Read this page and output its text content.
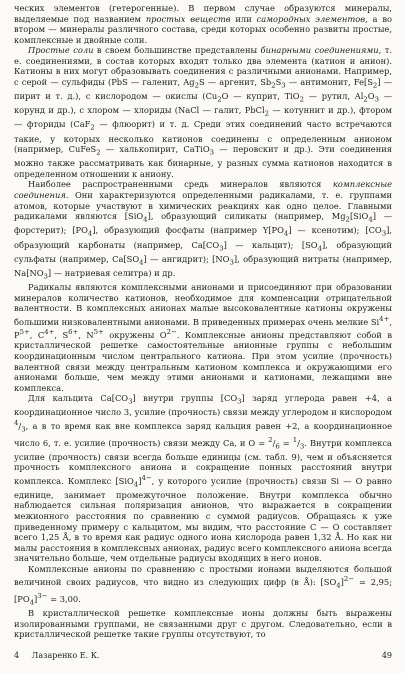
ческих элементов (гетерогенные). В первом случае образуются минералы, выделяемые под названием простых веществ или самородных элементов, а во втором — минералы различного состава, среди которых особенно развиты простые, комплексные и двойные соли.

Простые соли в своем большинстве представлены бинарными соединениями, т. е. соединениями, в состав которых входят только два элемента (катион и анион). Катионы в них могут образовывать соединения с различными анионами. Например, с серой — сульфиды (PbS — галенит, $Ag_2S$ — аргенит, $Sb_2S_3$ — антимонит, $Fe[S_2]$ — пирит и т. д.), с кислородом — окислы ($Cu_2O$ — куприт, TiO$_2$ — рутил, $Al_2O_3$ — корунд и др.), с хлором — хлориды (NaCl — галит, PbCl$_2$ — котуннит и др.), фтором — фториды (CaF$_2$ — флюорит) и т. д. Среди этих соединений часто встречаются такие, у которых несколько катионов соединены с определенным анионом (например, CuFeS$_2$ — халькопирит, CaTiO$_3$ — перовскит и др.). Эти соединения можно также рассматривать как бинарные, у разных сумма катионов находится в определенном отношении к аниону.

Наиболее распространенными средь минералов являются комплексные соединения. Они характеризуются определенными радикалами, т. е. группами атомов, которые участвуют в химических реакциях как одно целое. Главными радикалами являются [SiO$_4$], образующий силикаты (например, $Mg_2[SiO_4]$ — форстерит); $[PO_4]$, образующий фосфаты (например $Y[PO_4]$ — ксенотим); $[CO_3]$, образующий карбонаты (например, $Ca[CO_3]$ — кальцит); $[SO_4]$, образующий сульфаты (например, $Ca[SO_4]$ — ангидрит); $[NO_3]$, образующий нитраты (например, $Na[NO_3]$ — натриевая селитра) и др.

Радикалы являются комплексными анионами и присоединяют при образовании минералов количество катионов, необходимое для компенсации отрицательной валентности. В комплексных анионах малые высоковалентные катионы окружены большими низковалентными анионами. В приведенных примерах очень мелкие $Si^{4+}$, $P^{5+}$, $C^{4+}$, $S^{6+}$, $N^{5+}$ окружены $O^{2-}$. Комплексные анионы представляют собой в кристаллической решетке самостоятельные анионные группы с небольшим координационным числом центрального катиона. При этом усилие (прочность) валентной связи между центральным катионом комплекса и окружающими его анионами больше, чем между этими анионами и катионами, лежащими вне комплекса.

Для кальцита $Ca[CO_3]$ внутри группы $[CO_3]$ заряд углерода равен +4, а координационное число 3, усилие (прочность) связи между углеродом и кислородом $^4/_3$, а в то время как вне комплекса заряд кальция равен +2, а координационное число 6, т. е. усилие (прочность) связи между Ca, и $O = ^2/_6 = ^1/_3$. Внутри комплекса усилие (прочность) связи всегда больше единицы (см. табл. 9), чем и объясняется прочность комплексного аниона и сокращение понных расстояний внутри комплекса. Комплекс $[SiO_4]^{4-}$, у которого усилие (прочность) связи Si — O равно единице, занимает промежуточное положение. Внутри комплекса обычно наблюдается сильная поляризация анионов, что выражается в сокращении межионного расстояния по сравнению с суммой радиусов. Обращаясь к уже приведенному примеру с кальцитом, мы видим, что расстояние C — O составляет всего 1,25 Å, в то время как радиус одного иона кислорода равен 1,32 Å. Но как ни малы расстояния в комплексных анионах, радиус всего комплексного аниона всегда значительно больше, чем отдельные радиусы входящих в него ионов.

Комплексные анионы по сравнению с простыми ионами выделяются большой величиной своих радиусов, что видно из следующих цифр (в Å): $[SO_4]^{2-} = 2,95$; $[PO_4]^{3-} = 3,00$.

В кристаллической решетке комплексные ионы должны быть выражены изолированными группами, не связанными друг с другом. Следовательно, если в кристаллической решетке такие группы отсутствуют, то

4 Лазаренко Е. К.	49
